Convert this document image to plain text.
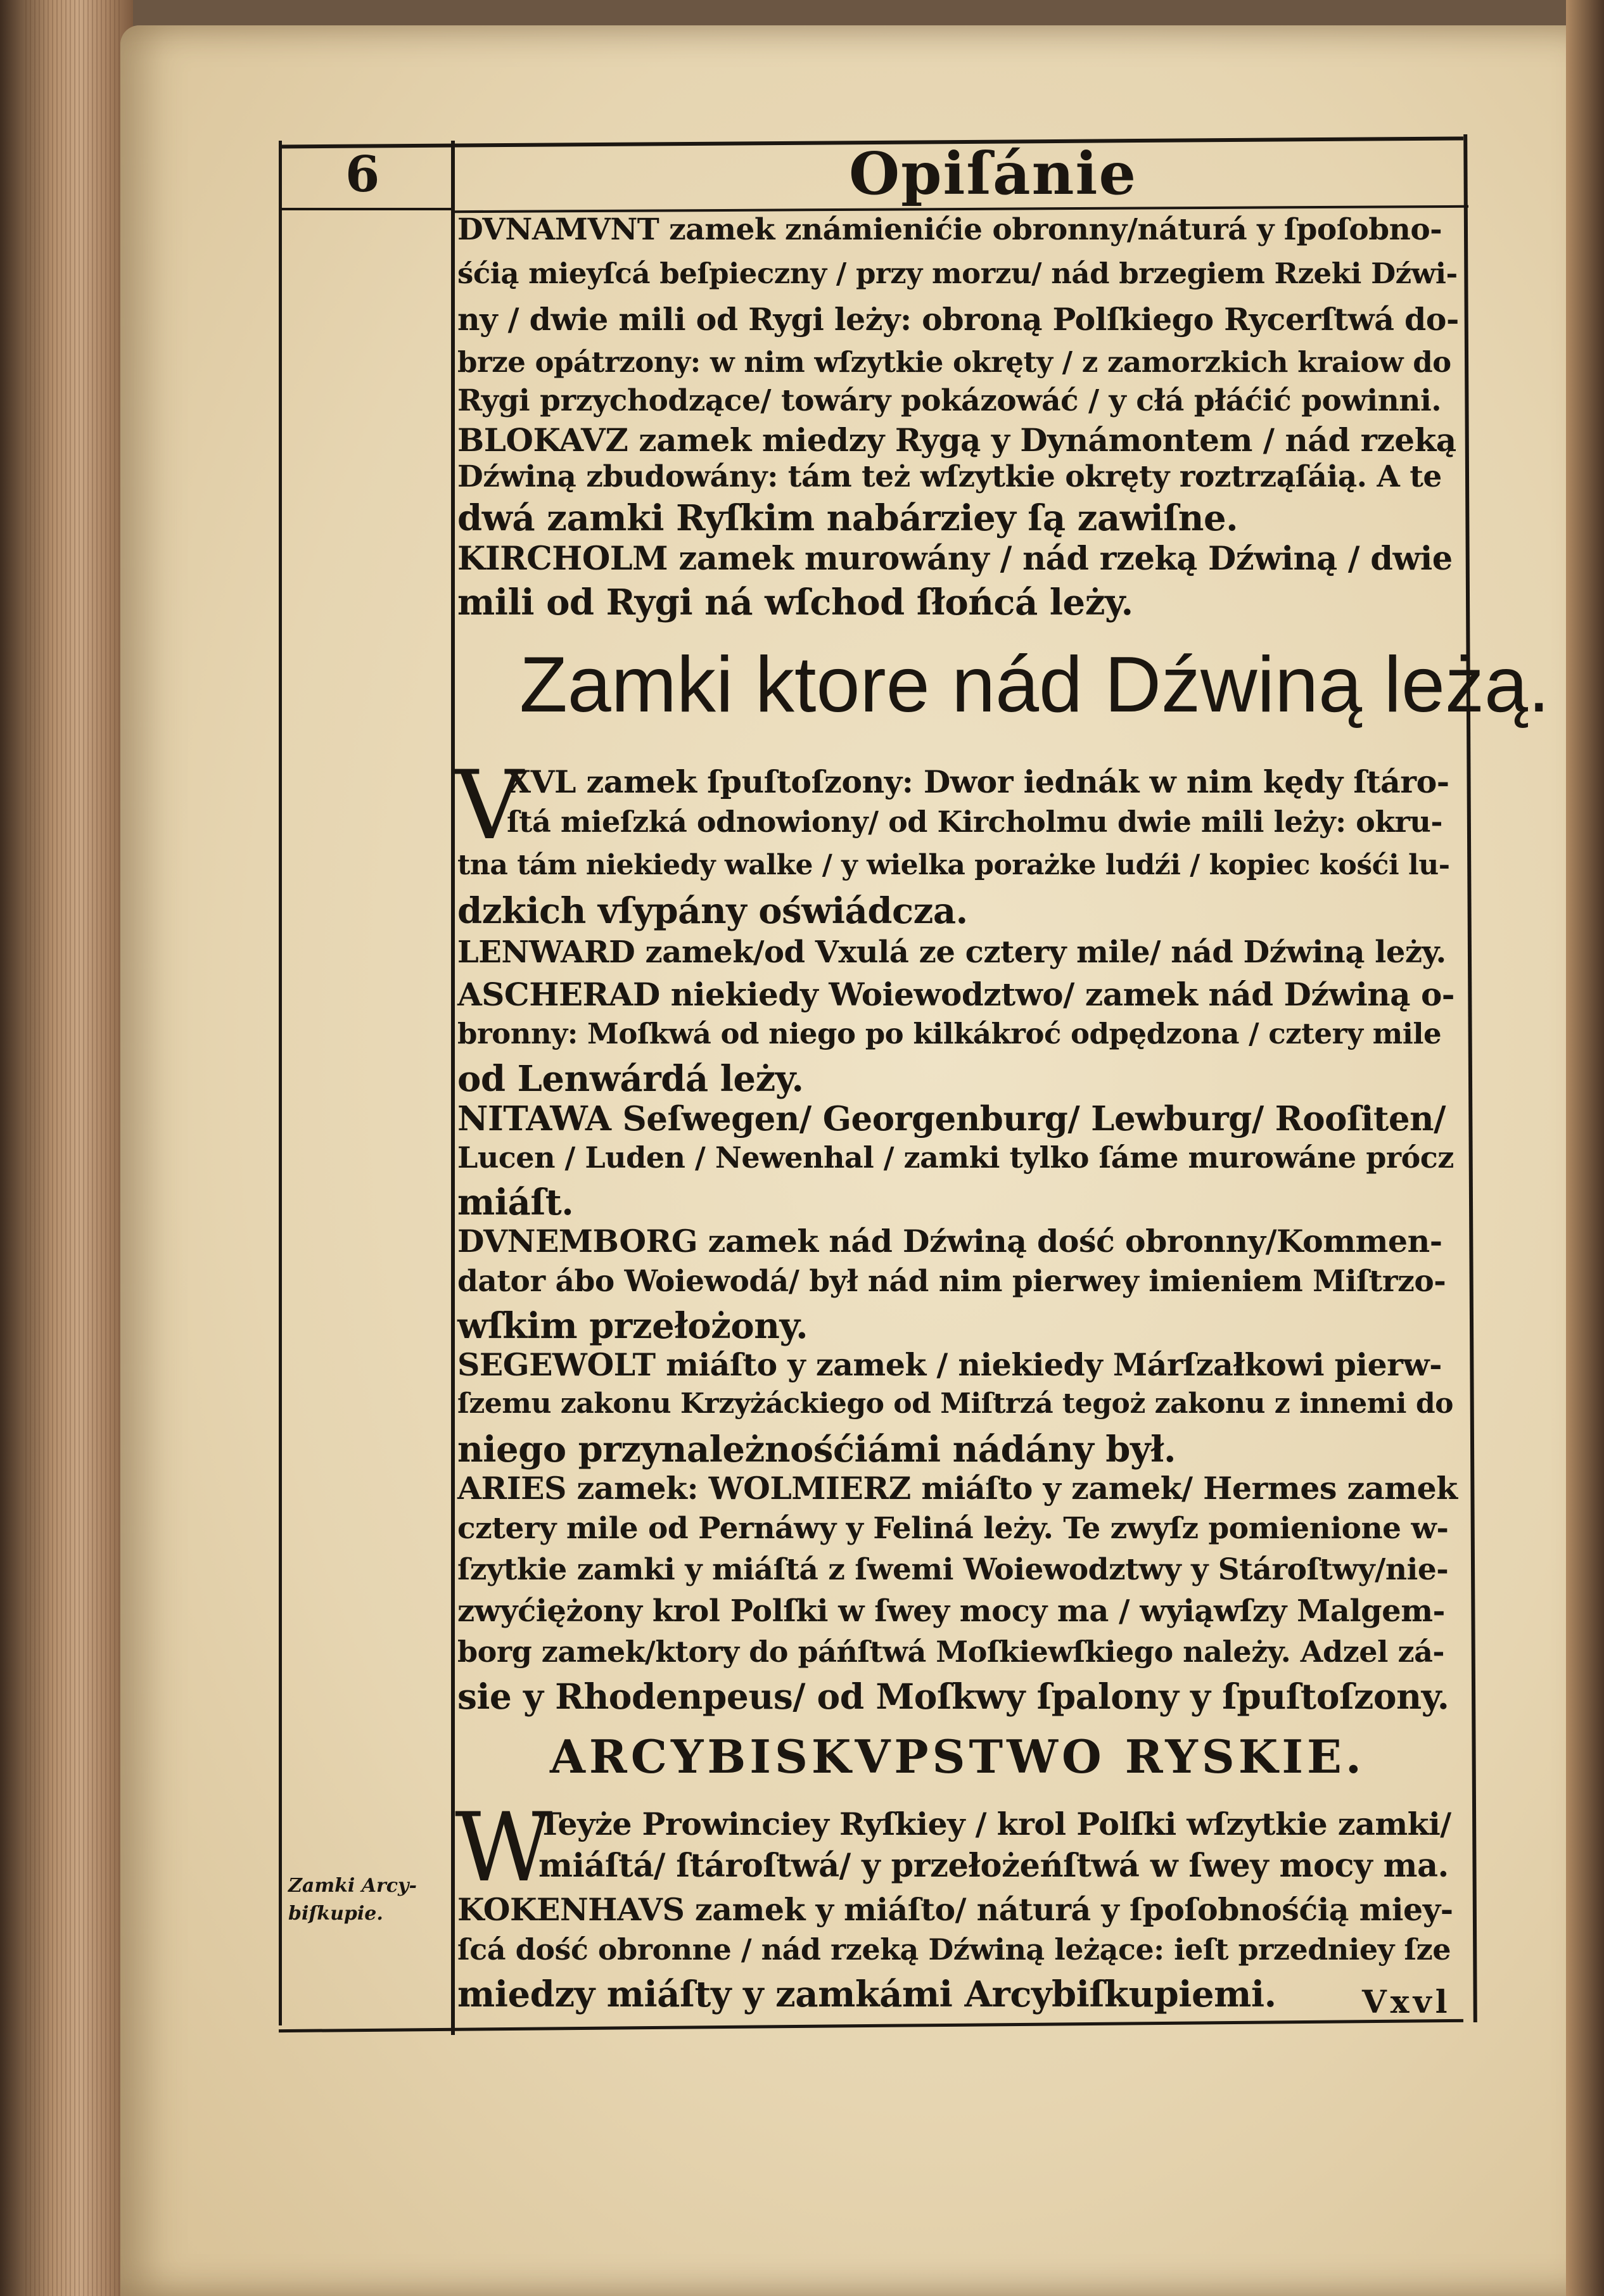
6	Opiſánie
DVNAMVNT zamek známienićie obronny/náturá y ſpoſobno-
śćią mieyſcá beſpieczny / przy morzu/ nád brzegiem Rzeki Dźwi-
ny / dwie mili od Rygi leży: obroną Polſkiego Rycerſtwá do-
brze opátrzony: w nim wſzytkie okręty / z zamorzkich kraiow do
Rygi przychodzące/ towáry pokázowáć / y cłá płáćić powinni.
BLOKAVZ zamek miedzy Rygą y Dynámontem / nád rzeką
Dźwiną zbudowány: tám też wſzytkie okręty roztrząſáią. A te
dwá zamki Ryſkim nabárziey ſą zawiſne.
KIRCHOLM zamek murowány / nád rzeką Dźwiną / dwie
mili od Rygi ná wſchod ſłońcá leży.
Zamki ktore nád Dźwiną leżą.
V
XVL zamek ſpuſtoſzony: Dwor iednák w nim kędy ſtáro-
ſtá mieſzká odnowiony/ od Kircholmu dwie mili leży: okru-
tna tám niekiedy walke / y wielka porażke ludźi / kopiec kośći lu-
dzkich vſypány oświádcza.
LENWARD zamek/od Vxulá ze cztery mile/ nád Dźwiną leży.
ASCHERAD niekiedy Woiewodztwo/ zamek nád Dźwiną o-
bronny: Moſkwá od niego po kilkákroć odpędzona / cztery mile
od Lenwárdá leży.
NITAWA Seſwegen/ Georgenburg/ Lewburg/ Rooſiten/
Lucen / Luden / Newenhal / zamki tylko ſáme murowáne prócz
miáſt.
DVNEMBORG zamek nád Dźwiną dość obronny/Kommen-
dator ábo Woiewodá/ był nád nim pierwey imieniem Miſtrzo-
wſkim przełożony.
SEGEWOLT miáſto y zamek / niekiedy Márſzałkowi pierw-
ſzemu zakonu Krzyżáckiego od Miſtrzá tegoż zakonu z innemi do
niego przynależnośćiámi nádány był.
ARIES zamek: WOLMIERZ miáſto y zamek/ Hermes zamek
cztery mile od Pernáwy y Feliná leży. Te zwyſz pomienione w-
ſzytkie zamki y miáſtá z ſwemi Woiewodztwy y Stároſtwy/nie-
zwyćiężony krol Polſki w ſwey mocy ma / wyiąwſzy Malgem-
borg zamek/ktory do páńſtwá Moſkiewſkiego należy. Adzel zá-
sie y Rhodenpeus/ od Moſkwy ſpalony y ſpuſtoſzony.
ARCYBISKVPSTWO RYSKIE.
W
Teyże Prowinciey Ryſkiey / krol Polſki wſzytkie zamki/
miáſtá/ ſtároſtwá/ y przełożeńſtwá w ſwey mocy ma.
KOKENHAVS zamek y miáſto/ náturá y ſpoſobnośćią miey-
ſcá dość obronne / nád rzeką Dźwiną leżące: ieſt przedniey ſze
miedzy miáſty y zamkámi Arcybiſkupiemi.
Zamki Arcy-
biſkupie.
Vxvl
